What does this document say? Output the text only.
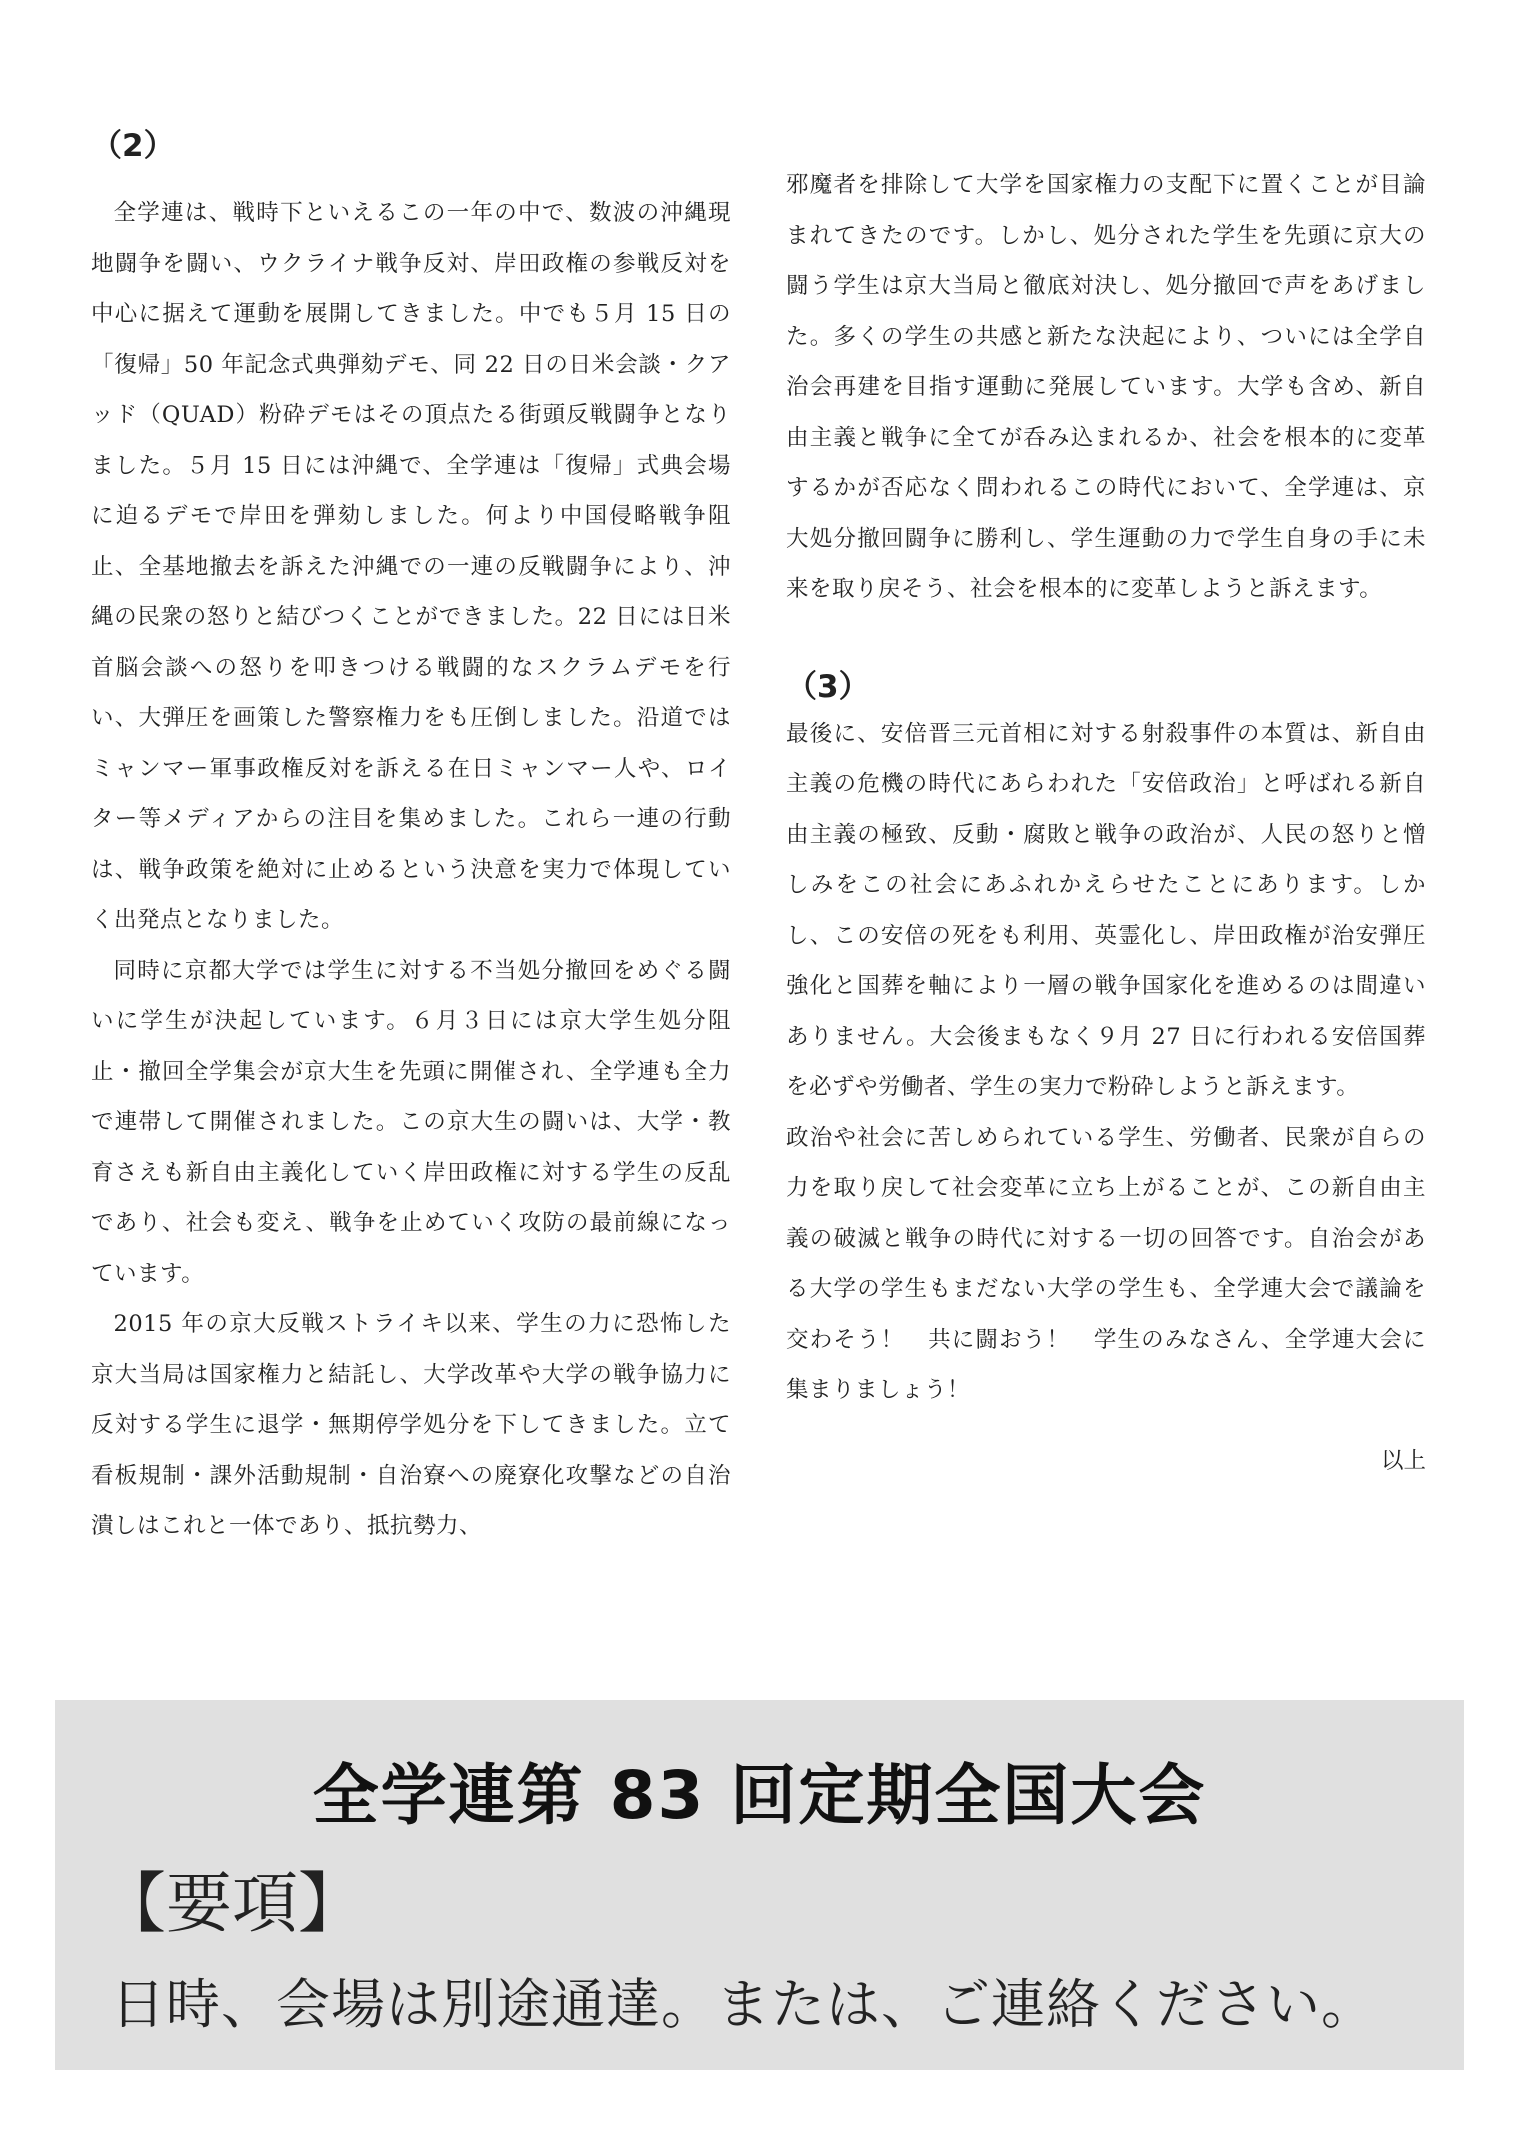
（2）

全学連は、戦時下といえるこの一年の中で、数波の沖縄現地闘争を闘い、ウクライナ戦争反対、岸田政権の参戦反対を中心に据えて運動を展開してきました。中でも５月 15 日の「復帰」50 年記念式典弾劾デモ、同 22 日の日米会談・クアッド（QUAD）粉砕デモはその頂点たる街頭反戦闘争となりました。５月 15 日には沖縄で、全学連は「復帰」式典会場に迫るデモで岸田を弾劾しました。何より中国侵略戦争阻止、全基地撤去を訴えた沖縄での一連の反戦闘争により、沖縄の民衆の怒りと結びつくことができました。22 日には日米首脳会談への怒りを叩きつける戦闘的なスクラムデモを行い、大弾圧を画策した警察権力をも圧倒しました。沿道ではミャンマー軍事政権反対を訴える在日ミャンマー人や、ロイター等メディアからの注目を集めました。これら一連の行動は、戦争政策を絶対に止めるという決意を実力で体現していく出発点となりました。

同時に京都大学では学生に対する不当処分撤回をめぐる闘いに学生が決起しています。６月３日には京大学生処分阻止・撤回全学集会が京大生を先頭に開催され、全学連も全力で連帯して開催されました。この京大生の闘いは、大学・教育さえも新自由主義化していく岸田政権に対する学生の反乱であり、社会も変え、戦争を止めていく攻防の最前線になっています。

2015 年の京大反戦ストライキ以来、学生の力に恐怖した京大当局は国家権力と結託し、大学改革や大学の戦争協力に反対する学生に退学・無期停学処分を下してきました。立て看板規制・課外活動規制・自治寮への廃寮化攻撃などの自治潰しはこれと一体であり、抵抗勢力、

邪魔者を排除して大学を国家権力の支配下に置くことが目論まれてきたのです。しかし、処分された学生を先頭に京大の闘う学生は京大当局と徹底対決し、処分撤回で声をあげました。多くの学生の共感と新たな決起により、ついには全学自治会再建を目指す運動に発展しています。大学も含め、新自由主義と戦争に全てが呑み込まれるか、社会を根本的に変革するかが否応なく問われるこの時代において、全学連は、京大処分撤回闘争に勝利し、学生運動の力で学生自身の手に未来を取り戻そう、社会を根本的に変革しようと訴えます。

（3）

最後に、安倍晋三元首相に対する射殺事件の本質は、新自由主義の危機の時代にあらわれた「安倍政治」と呼ばれる新自由主義の極致、反動・腐敗と戦争の政治が、人民の怒りと憎しみをこの社会にあふれかえらせたことにあります。しかし、この安倍の死をも利用、英霊化し、岸田政権が治安弾圧強化と国葬を軸により一層の戦争国家化を進めるのは間違いありません。大会後まもなく９月 27 日に行われる安倍国葬を必ずや労働者、学生の実力で粉砕しようと訴えます。

政治や社会に苦しめられている学生、労働者、民衆が自らの力を取り戻して社会変革に立ち上がることが、この新自由主義の破滅と戦争の時代に対する一切の回答です。自治会がある大学の学生もまだない大学の学生も、全学連大会で議論を交わそう！　共に闘おう！　学生のみなさん、全学連大会に集まりましょう！

以上
全学連第 83 回定期全国大会
【要項】
日時、会場は別途通達。または、ご連絡ください。
